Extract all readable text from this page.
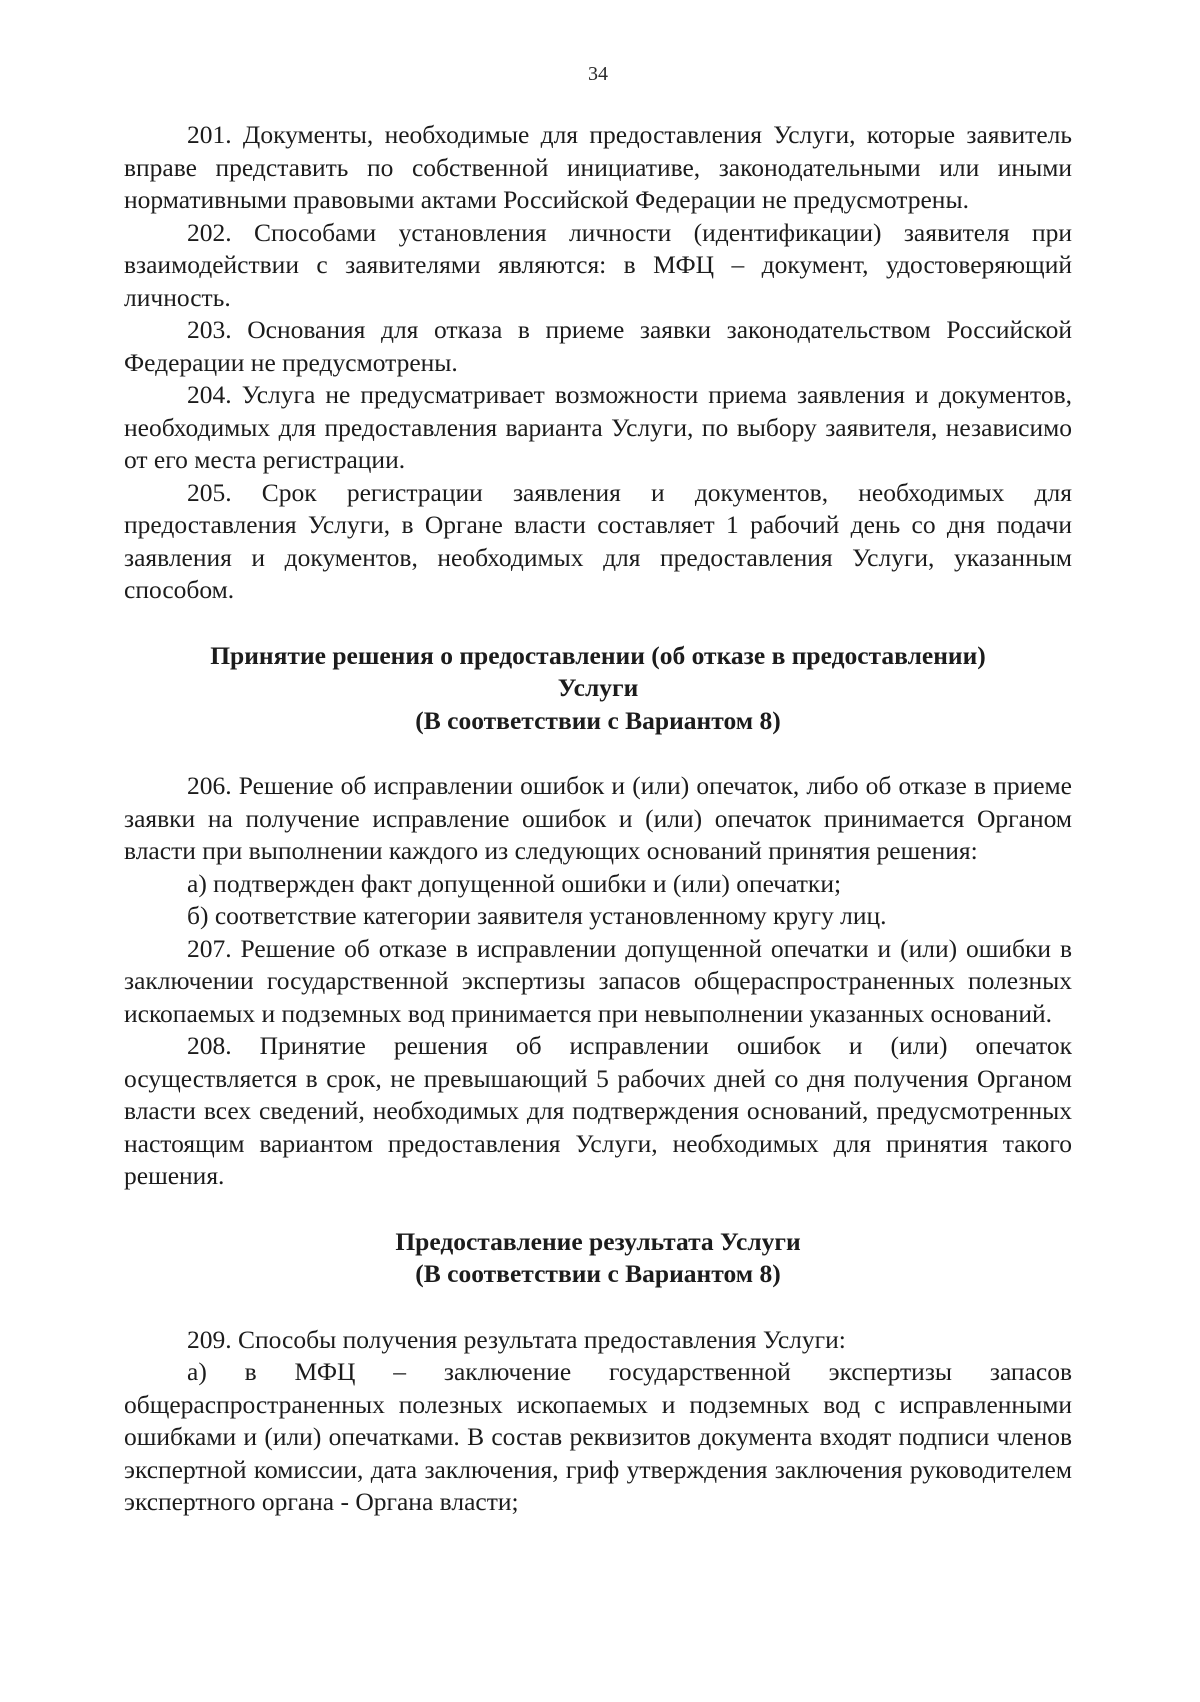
34

201. Документы, необходимые для предоставления Услуги, которые заявитель вправе представить по собственной инициативе, законодательными или иными нормативными правовыми актами Российской Федерации не предусмотрены.

202. Способами установления личности (идентификации) заявителя при взаимодействии с заявителями являются: в МФЦ – документ, удостоверяющий личность.

203. Основания для отказа в приеме заявки законодательством Российской Федерации не предусмотрены.

204. Услуга не предусматривает возможности приема заявления и документов, необходимых для предоставления варианта Услуги, по выбору заявителя, независимо от его места регистрации.

205. Срок регистрации заявления и документов, необходимых для предоставления Услуги, в Органе власти составляет 1 рабочий день со дня подачи заявления и документов, необходимых для предоставления Услуги, указанным способом.

Принятие решения о предоставлении (об отказе в предоставлении)
Услуги
(В соответствии с Вариантом 8)

206. Решение об исправлении ошибок и (или) опечаток, либо об отказе в приеме заявки на получение исправление ошибок и (или) опечаток принимается Органом власти при выполнении каждого из следующих оснований принятия решения:

а) подтвержден факт допущенной ошибки и (или) опечатки;

б) соответствие категории заявителя установленному кругу лиц.

207. Решение об отказе в исправлении допущенной опечатки и (или) ошибки в заключении государственной экспертизы запасов общераспространенных полезных ископаемых и подземных вод принимается при невыполнении указанных оснований.

208. Принятие решения об исправлении ошибок и (или) опечаток осуществляется в срок, не превышающий 5 рабочих дней со дня получения Органом власти всех сведений, необходимых для подтверждения оснований, предусмотренных настоящим вариантом предоставления Услуги, необходимых для принятия такого решения.

Предоставление результата Услуги
(В соответствии с Вариантом 8)

209. Способы получения результата предоставления Услуги:

а) в МФЦ – заключение государственной экспертизы запасов общераспространенных полезных ископаемых и подземных вод с исправленными ошибками и (или) опечатками. В состав реквизитов документа входят подписи членов экспертной комиссии, дата заключения, гриф утверждения заключения руководителем экспертного органа - Органа власти;
